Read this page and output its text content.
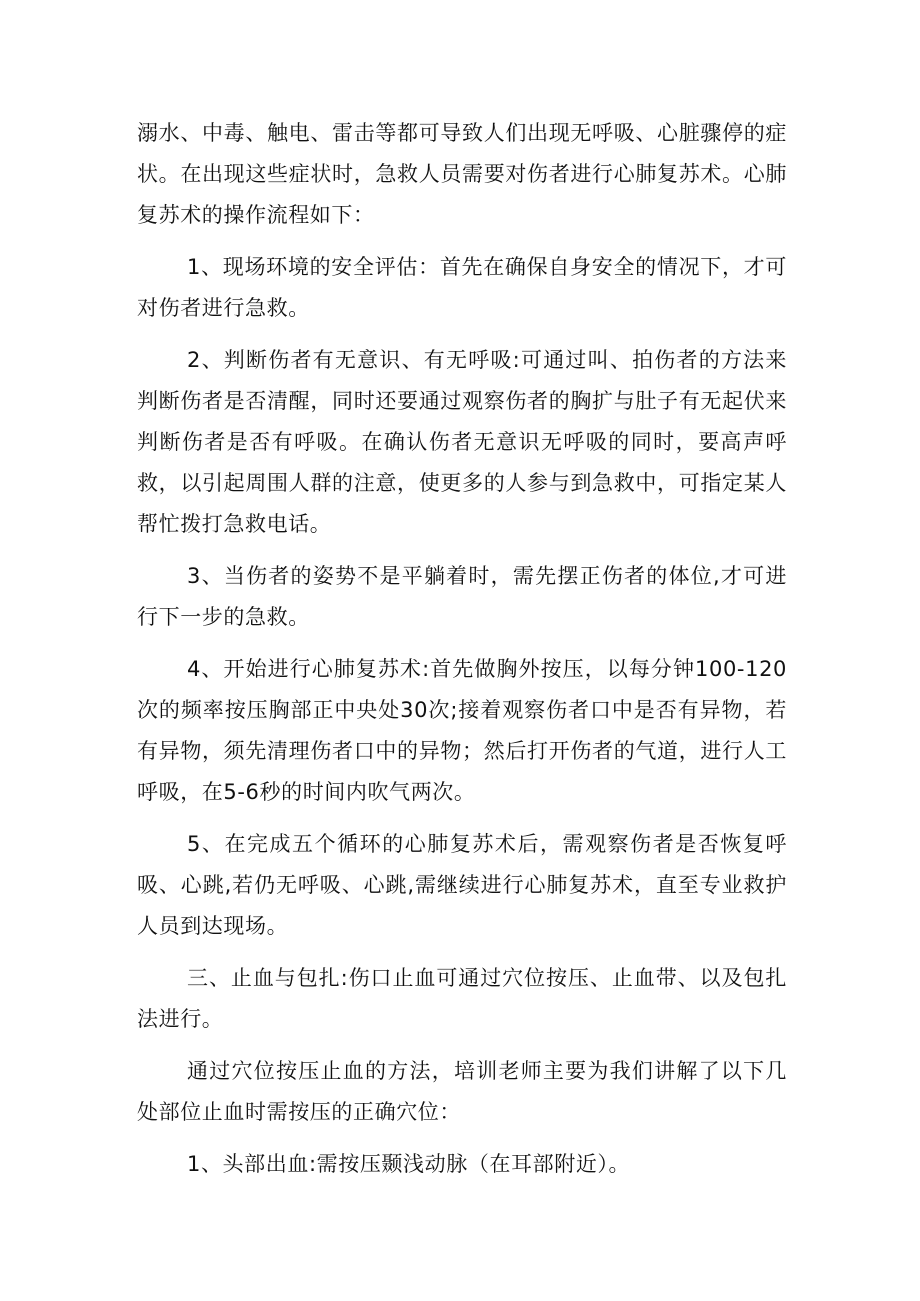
溺水、中毒、触电、雷击等都可导致人们出现无呼吸、心脏骤停的症状。在出现这些症状时，急救人员需要对伤者进行心肺复苏术。心肺复苏术的操作流程如下：

1、现场环境的安全评估：首先在确保自身安全的情况下，才可对伤者进行急救。

2、判断伤者有无意识、有无呼吸:可通过叫、拍伤者的方法来判断伤者是否清醒，同时还要通过观察伤者的胸扩与肚子有无起伏来判断伤者是否有呼吸。在确认伤者无意识无呼吸的同时，要高声呼救，以引起周围人群的注意，使更多的人参与到急救中，可指定某人帮忙拨打急救电话。

3、当伤者的姿势不是平躺着时，需先摆正伤者的体位,才可进行下一步的急救。

4、开始进行心肺复苏术:首先做胸外按压，以每分钟100-120次的频率按压胸部正中央处30次;接着观察伤者口中是否有异物，若有异物，须先清理伤者口中的异物；然后打开伤者的气道，进行人工呼吸，在5-6秒的时间内吹气两次。

5、在完成五个循环的心肺复苏术后，需观察伤者是否恢复呼吸、心跳,若仍无呼吸、心跳,需继续进行心肺复苏术，直至专业救护人员到达现场。

三、止血与包扎:伤口止血可通过穴位按压、止血带、以及包扎法进行。

通过穴位按压止血的方法，培训老师主要为我们讲解了以下几处部位止血时需按压的正确穴位：

1、头部出血:需按压颞浅动脉（在耳部附近）。
